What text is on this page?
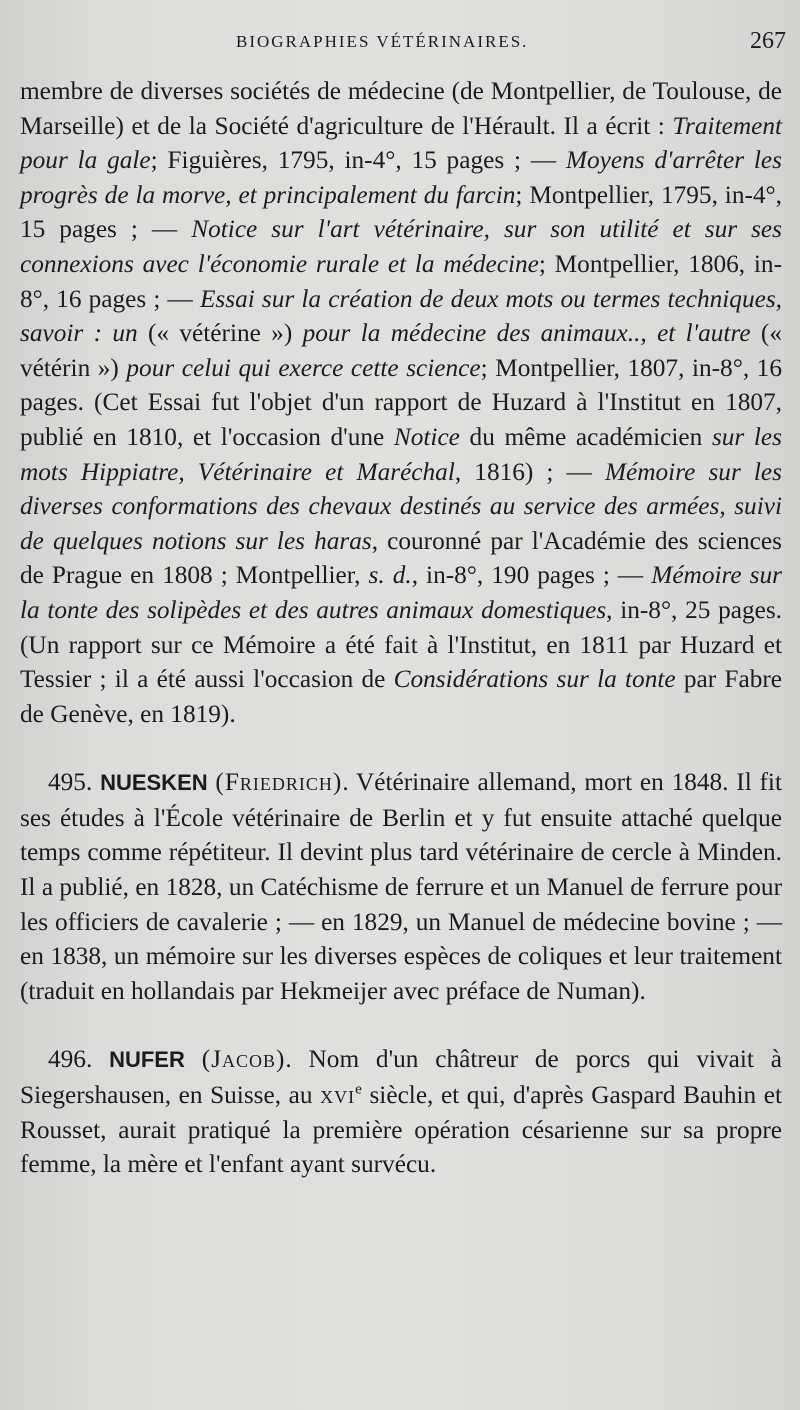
BIOGRAPHIES VÉTÉRINAIRES.	267

membre de diverses sociétés de médecine (de Montpellier, de Toulouse, de Marseille) et de la Société d'agriculture de l'Hérault. Il a écrit : Traitement pour la gale; Figuières, 1795, in-4°, 15 pages ; — Moyens d'arrêter les progrès de la morve, et principalement du farcin; Montpellier, 1795, in-4°, 15 pages ; — Notice sur l'art vétérinaire, sur son utilité et sur ses connexions avec l'économie rurale et la médecine; Montpellier, 1806, in-8°, 16 pages ; — Essai sur la création de deux mots ou termes techniques, savoir : un (« vétérine ») pour la médecine des animaux.., et l'autre (« vétérin ») pour celui qui exerce cette science; Montpellier, 1807, in-8°, 16 pages. (Cet Essai fut l'objet d'un rapport de Huzard à l'Institut en 1807, publié en 1810, et l'occasion d'une Notice du même académicien sur les mots Hippiatre, Vétérinaire et Maréchal, 1816) ; — Mémoire sur les diverses conformations des chevaux destinés au service des armées, suivi de quelques notions sur les haras, couronné par l'Académie des sciences de Prague en 1808 ; Montpellier, s. d., in-8°, 190 pages ; — Mémoire sur la tonte des solipèdes et des autres animaux domestiques, in-8°, 25 pages. (Un rapport sur ce Mémoire a été fait à l'Institut, en 1811 par Huzard et Tessier ; il a été aussi l'occasion de Considérations sur la tonte par Fabre de Genève, en 1819).

495. NUESKEN (Friedrich). Vétérinaire allemand, mort en 1848. Il fit ses études à l'École vétérinaire de Berlin et y fut ensuite attaché quelque temps comme répétiteur. Il devint plus tard vétérinaire de cercle à Minden. Il a publié, en 1828, un Catéchisme de ferrure et un Manuel de ferrure pour les officiers de cavalerie ; — en 1829, un Manuel de médecine bovine ; — en 1838, un mémoire sur les diverses espèces de coliques et leur traitement (traduit en hollandais par Hekmeijer avec préface de Numan).

496. NUFER (Jacob). Nom d'un châtreur de porcs qui vivait à Siegershausen, en Suisse, au xvi$^e$ siècle, et qui, d'après Gaspard Bauhin et Rousset, aurait pratiqué la première opération césarienne sur sa propre femme, la mère et l'enfant ayant survécu.
